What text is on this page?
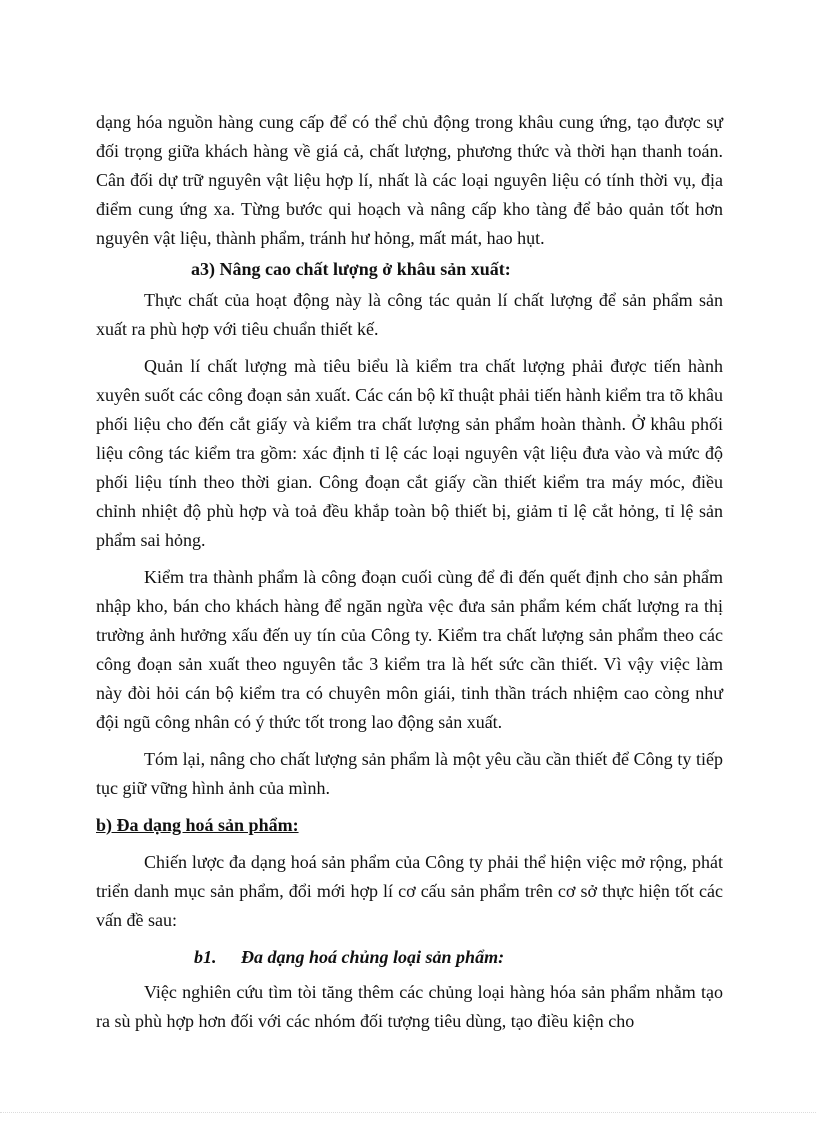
dạng hóa nguồn hàng cung cấp để có thể chủ động trong khâu cung ứng, tạo được sự đối trọng giữa khách hàng về giá cả, chất lượng, phương thức và thời hạn thanh toán. Cân đối dự trữ nguyên vật liệu hợp lí, nhất là các loại nguyên liệu có tính thời vụ, địa điểm cung ứng xa. Từng bước qui hoạch và nâng cấp kho tàng để bảo quản tốt hơn nguyên vật liệu, thành phẩm, tránh hư hỏng, mất mát, hao hụt.

a3) Nâng cao chất lượng ở khâu sản xuất:

Thực chất của hoạt động này là công tác quản lí chất lượng để sản phẩm sản xuất ra phù hợp với tiêu chuẩn thiết kế.

Quản lí chất lượng mà tiêu biểu là kiểm tra chất lượng phải được tiến hành xuyên suốt các công đoạn sản xuất. Các cán bộ kĩ thuật phải tiến hành kiểm tra tõ khâu phối liệu cho đến cắt giấy và kiểm tra chất lượng sản phẩm hoàn thành. Ở khâu phối liệu công tác kiểm tra gồm: xác định tỉ lệ các loại nguyên vật liệu đưa vào và mức độ phối liệu tính theo thời gian. Công đoạn cắt giấy cần thiết kiểm tra máy móc, điều chỉnh nhiệt độ phù hợp và toả đều khắp toàn bộ thiết bị, giảm tỉ lệ cắt hỏng, tỉ lệ sản phẩm sai hỏng.

Kiểm tra thành phẩm là công đoạn cuối cùng để đi đến quết định cho sản phẩm nhập kho, bán cho khách hàng để ngăn ngừa vệc đưa sản phẩm kém chất lượng ra thị trường ảnh hưởng xấu đến uy tín của Công ty. Kiểm tra chất lượng sản phẩm theo các công đoạn sản xuất theo nguyên tắc 3 kiểm tra là hết sức cần thiết. Vì vậy việc làm này đòi hỏi cán bộ kiểm tra có chuyên môn giái, tinh thần trách nhiệm cao còng như đội ngũ công nhân có ý thức tốt trong lao động sản xuất.

Tóm lại, nâng cho chất lượng sản phẩm là một yêu cầu cần thiết để Công ty tiếp tục giữ vững hình ảnh của mình.

b) Đa dạng hoá sản phẩm:

Chiến lược đa dạng hoá sản phẩm của Công ty phải thể hiện việc mở rộng, phát triển danh mục sản phẩm, đổi mới hợp lí cơ cấu sản phẩm trên cơ sở thực hiện tốt các vấn đề sau:

b1. Đa dạng hoá chủng loại sản phẩm:

Việc nghiên cứu tìm tòi tăng thêm các chủng loại hàng hóa sản phẩm nhằm tạo ra sù phù hợp hơn đối với các nhóm đối tượng tiêu dùng, tạo điều kiện cho
